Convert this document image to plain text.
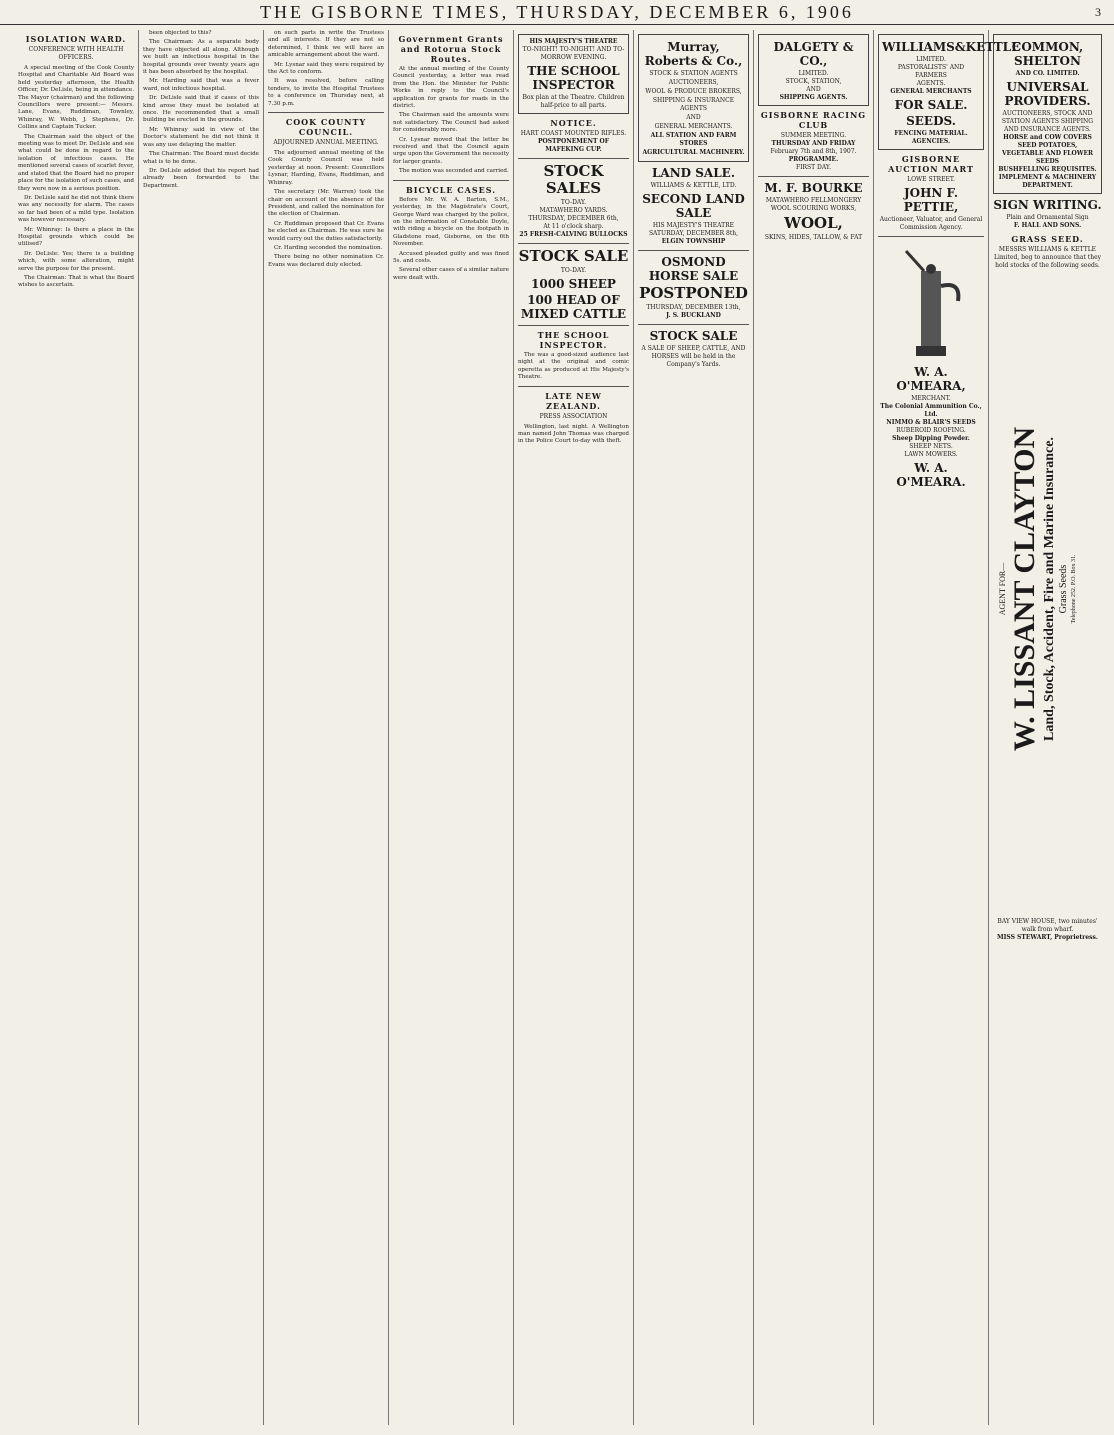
THE GISBORNE TIMES, THURSDAY, DECEMBER 6, 1906	3
ISOLATION WARD.
CONFERENCE WITH HEALTH OFFICERS.

A special meeting of the Cook County Hospital and Charitable Aid Board was held yesterday afternoon, the Health Officer, Dr. DeLisle, being in attendance. The Mayor (chairman) and the following Councillors were present:— Messrs. Lane, Evans, Ruddiman, Townley, Whinray, W. Webb, J. Stephens, Dr. Collins and Captain Tucker.

The Chairman said the object of the meeting was to meet Dr. DeLisle and see what could be done in regard to the isolation of infectious cases. He mentioned several cases of scarlet fever, and stated that the Board had no proper place for the isolation of such cases, and they were now in a serious position.

Dr. DeLisle said he did not think there was any necessity for alarm. The cases so far had been of a mild type. Isolation was however necessary.

Mr. Whinray: Is there a place in the Hospital grounds which could be utilised?

Dr. DeLisle: Yes; there is a building which, with some alteration, might serve the purpose for the present.

The Chairman: That is what the Board wishes to ascertain.

been objected to this?

The Chairman: As a separate body they have objected all along. Although we built an infectious hospital in the hospital grounds over twenty years ago it has been absorbed by the hospital.

Mr. Harding said that was a fever ward, not infectious hospital.

Dr. DeLisle said that if cases of this kind arose they must be isolated at once. He recommended that a small building be erected in the grounds.

Mr. Whinray said in view of the Doctor's statement he did not think it was any use delaying the matter.

The Chairman: The Board must decide what is to be done.

Dr. DeLisle added that his report had already been forwarded to the Department.

on such parts in write the Trustees and all interests. If they are not so determined, I think we will have an amicable arrangement about the ward.

Mr. Lysnar said they were required by the Act to conform.

It was resolved, before calling tenders, to invite the Hospital Trustees to a conference on Thursday next, at 7.30 p.m.

COOK COUNTY COUNCIL.
ADJOURNED ANNUAL MEETING.

The adjourned annual meeting of the Cook County Council was held yesterday at noon. Present: Councillors Lysnar, Harding, Evans, Ruddiman, and Whinray.

The secretary (Mr. Warren) took the chair on account of the absence of the President, and called the nomination for the election of Chairman.

Cr. Ruddiman proposed that Cr. Evans be elected as Chairman. He was sure he would carry out the duties satisfactorily.

Cr. Harding seconded the nomination.

There being no other nomination Cr. Evans was declared duly elected.

Government Grants and Rotorua Stock Routes.

At the annual meeting of the County Council yesterday, a letter was read from the Hon. the Minister for Public Works in reply to the Council's application for grants for roads in the district.

The Chairman said the amounts were not satisfactory. The Council had asked for considerably more.

Cr. Lysnar moved that the letter be received and that the Council again urge upon the Government the necessity for larger grants.

The motion was seconded and carried.

BICYCLE CASES.

Before Mr. W. A. Barton, S.M., yesterday, in the Magistrate's Court, George Ward was charged by the police, on the information of Constable Doyle, with riding a bicycle on the footpath in Gladstone road, Gisborne, on the 6th November.

Accused pleaded guilty and was fined 5s. and costs.

Several other cases of a similar nature were dealt with.

HIS MAJESTY'S THEATRE
TO-NIGHT! TO-NIGHT! AND TO-MORROW EVENING.
THE SCHOOL INSPECTOR
Box plan at the Theatre. Children half-price to all parts.
NOTICE.
HART COAST MOUNTED RIFLES.
POSTPONEMENT OF MAFEKING CUP.
STOCK SALES
TO-DAY.
MATAWHERO YARDS.
THURSDAY, DECEMBER 6th,
At 11 o'clock sharp.
25 FRESH-CALVING BULLOCKS
STOCK SALE
TO-DAY.
1000 SHEEP
100 HEAD OF MIXED CATTLE
THE SCHOOL INSPECTOR.

The was a good-sized audience last night at the original and comic operetta as produced at His Majesty's Theatre.

LATE NEW ZEALAND.
PRESS ASSOCIATION

Wellington, last night. A Wellington man named John Thomas was charged in the Police Court to-day with theft.

Murray, Roberts & Co.,
STOCK & STATION AGENTS
AUCTIONEERS,
WOOL & PRODUCE BROKERS,
SHIPPING & INSURANCE AGENTS
AND
GENERAL MERCHANTS.
ALL STATION AND FARM STORES
AGRICULTURAL MACHINERY.
LAND SALE.
WILLIAMS & KETTLE, LTD.
SECOND LAND SALE
HIS MAJESTY'S THEATRE
SATURDAY, DECEMBER 8th,
ELGIN TOWNSHIP
OSMOND HORSE SALE
POSTPONED
THURSDAY, DECEMBER 13th,
J. S. BUCKLAND
STOCK SALE
A SALE OF SHEEP, CATTLE, AND HORSES will be held in the Company's Yards.
DALGETY & CO.,
LIMITED.
STOCK, STATION,
AND
SHIPPING AGENTS.
GISBORNE RACING CLUB
SUMMER MEETING.
THURSDAY AND FRIDAY
February 7th and 8th, 1907.
PROGRAMME.
FIRST DAY.
M. F. BOURKE
MATAWHERO FELLMONGERY
WOOL SCOURING WORKS,
WOOL,
SKINS, HIDES, TALLOW, & FAT
WILLIAMS&KETTLE
LIMITED.
PASTORALISTS' AND FARMERS
AGENTS.
GENERAL MERCHANTS
FOR SALE.
SEEDS.
FENCING MATERIAL.
AGENCIES.
GISBORNE AUCTION MART
LOWE STREET.
JOHN F. PETTIE,
Auctioneer, Valuator, and General Commission Agency.
W. A. O'MEARA,
MERCHANT.
The Colonial Ammunition Co., Ltd.
NIMMO & BLAIR'S SEEDS
RUBEROID ROOFING.
Sheep Dipping Powder.
SHEEP NETS.
LAWN MOWERS.
W. A. O'MEARA.
COMMON, SHELTON
AND CO. LIMITED.
UNIVERSAL PROVIDERS.
AUCTIONEERS, STOCK AND STATION AGENTS SHIPPING AND INSURANCE AGENTS.
HORSE and COW COVERS
SEED POTATOES,
VEGETABLE AND FLOWER SEEDS
BUSHFELLING REQUISITES.
IMPLEMENT & MACHINERY DEPARTMENT.
SIGN WRITING.
Plain and Ornamental Sign
F. HALL AND SONS.
GRASS SEED.
MESSRS WILLIAMS & KETTLE Limited, beg to announce that they hold stocks of the following seeds.
AGENT FOR— W. LISSANT CLAYTON Land, Stock, Accident, Fire and Marine Insurance. Grass Seeds Telephone 252. P.O. Box 31.
BAY VIEW HOUSE, two minutes' walk from wharf.
MISS STEWART, Proprietress.
